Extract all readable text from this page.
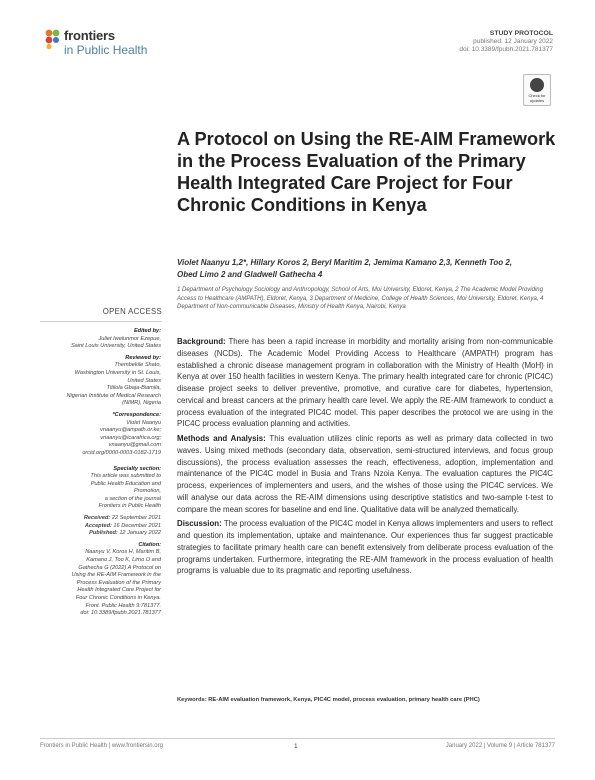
frontiers
in Public Health
STUDY PROTOCOL
published: 12 January 2022
doi: 10.3389/fpubh.2021.781377
Check for
updates
A Protocol on Using the RE-AIM Framework in the Process Evaluation of the Primary Health Integrated Care Project for Four Chronic Conditions in Kenya
Violet Naanyu 1,2*, Hillary Koros 2, Beryl Maritim 2, Jemima Kamano 2,3, Kenneth Too 2,
Obed Limo 2 and Gladwell Gathecha 4
1 Department of Psychology Sociology and Anthropology, School of Arts, Moi University, Eldoret, Kenya, 2 The Academic Model Providing Access to Healthcare (AMPATH), Eldoret, Kenya, 3 Department of Medicine, College of Health Sciences, Moi University, Eldoret, Kenya, 4 Department of Non-communicable Diseases, Ministry of Health Kenya, Nairobi, Kenya
OPEN ACCESS
Edited by:
Juliet Iwelunmor Ezepue,
Saint Louis University, United States
Reviewed by:
Thembekile Shato,
Washington University in St. Louis,
United States
Titilola Gbaja-Biamila,
Nigerian Institute of Medical Research
(NIMR), Nigeria
*Correspondence:
Violet Naanyu
vnaanyu@ampath.or.ke;
vnaanyu@icarafrica.org;
vnaanyu@gmail.com
orcid.org/0000-0003-0182-1719
Specialty section:
This article was submitted to
Public Health Education and
Promotion,
a section of the journal
Frontiers in Public Health
Received: 22 September 2021
Accepted: 16 December 2021
Published: 12 January 2022
Citation:
Naanyu V, Koros H, Maritim B,
Kamano J, Too K, Limo O and
Gathecha G (2022) A Protocol on
Using the RE-AIM Framework in the
Process Evaluation of the Primary
Health Integrated Care Project for
Four Chronic Conditions in Kenya.
Front. Public Health 9:781377.
doi: 10.3389/fpubh.2021.781377

Background: There has been a rapid increase in morbidity and mortality arising from non-communicable diseases (NCDs). The Academic Model Providing Access to Healthcare (AMPATH) program has established a chronic disease management program in collaboration with the Ministry of Health (MoH) in Kenya at over 150 health facilities in western Kenya. The primary health integrated care for chronic (PIC4C) disease project seeks to deliver preventive, promotive, and curative care for diabetes, hypertension, cervical and breast cancers at the primary health care level. We apply the RE-AIM framework to conduct a process evaluation of the integrated PIC4C model. This paper describes the protocol we are using in the PIC4C process evaluation planning and activities.

Methods and Analysis: This evaluation utilizes clinic reports as well as primary data collected in two waves. Using mixed methods (secondary data, observation, semi-structured interviews, and focus group discussions), the process evaluation assesses the reach, effectiveness, adoption, implementation and maintenance of the PIC4C model in Busia and Trans Nzoia Kenya. The evaluation captures the PIC4C process, experiences of implementers and users, and the wishes of those using the PIC4C services. We will analyse our data across the RE-AIM dimensions using descriptive statistics and two-sample t-test to compare the mean scores for baseline and end line. Qualitative data will be analyzed thematically.

Discussion: The process evaluation of the PIC4C model in Kenya allows implementers and users to reflect and question its implementation, uptake and maintenance. Our experiences thus far suggest practicable strategies to facilitate primary health care can benefit extensively from deliberate process evaluation of the programs undertaken. Furthermore, integrating the RE-AIM framework in the process evaluation of health programs is valuable due to its pragmatic and reporting usefulness.

Keywords: RE-AIM evaluation framework, Kenya, PIC4C model, process evaluation, primary health care (PHC)
Frontiers in Public Health | www.frontiersin.org	1	January 2022 | Volume 9 | Article 781377
